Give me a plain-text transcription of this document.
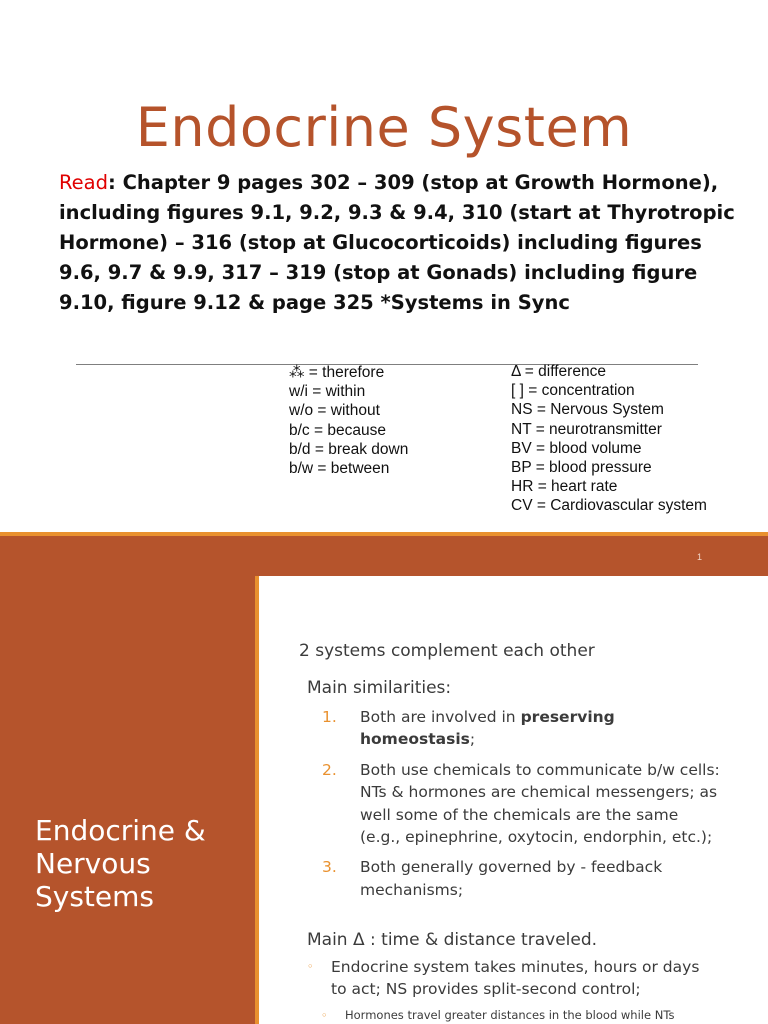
Endocrine System
Read: Chapter 9 pages 302 – 309 (stop at Growth Hormone), including figures 9.1, 9.2, 9.3 & 9.4, 310 (start at Thyrotropic Hormone) – 316 (stop at Glucocorticoids) including figures 9.6, 9.7 & 9.9, 317 – 319 (stop at Gonads) including figure 9.10, figure 9.12 & page 325 *Systems in Sync
⁂ = therefore
w/i = within
w/o = without
b/c = because
b/d = break down
b/w = between
Δ = difference
[ ] = concentration
NS = Nervous System
NT = neurotransmitter
BV = blood volume
BP = blood pressure
HR = heart rate
CV = Cardiovascular system
1
Endocrine & Nervous Systems

2 systems complement each other

Main similarities:
1. Both are involved in preserving homeostasis;
2. Both use chemicals to communicate b/w cells: NTs & hormones are chemical messengers; as well some of the chemicals are the same (e.g., epinephrine, oxytocin, endorphin, etc.);
3. Both generally governed by - feedback mechanisms;
Main Δ : time & distance traveled.
◦ Endocrine system takes minutes, hours or days to act; NS provides split-second control;
◦ Hormones travel greater distances in the blood while NTs
